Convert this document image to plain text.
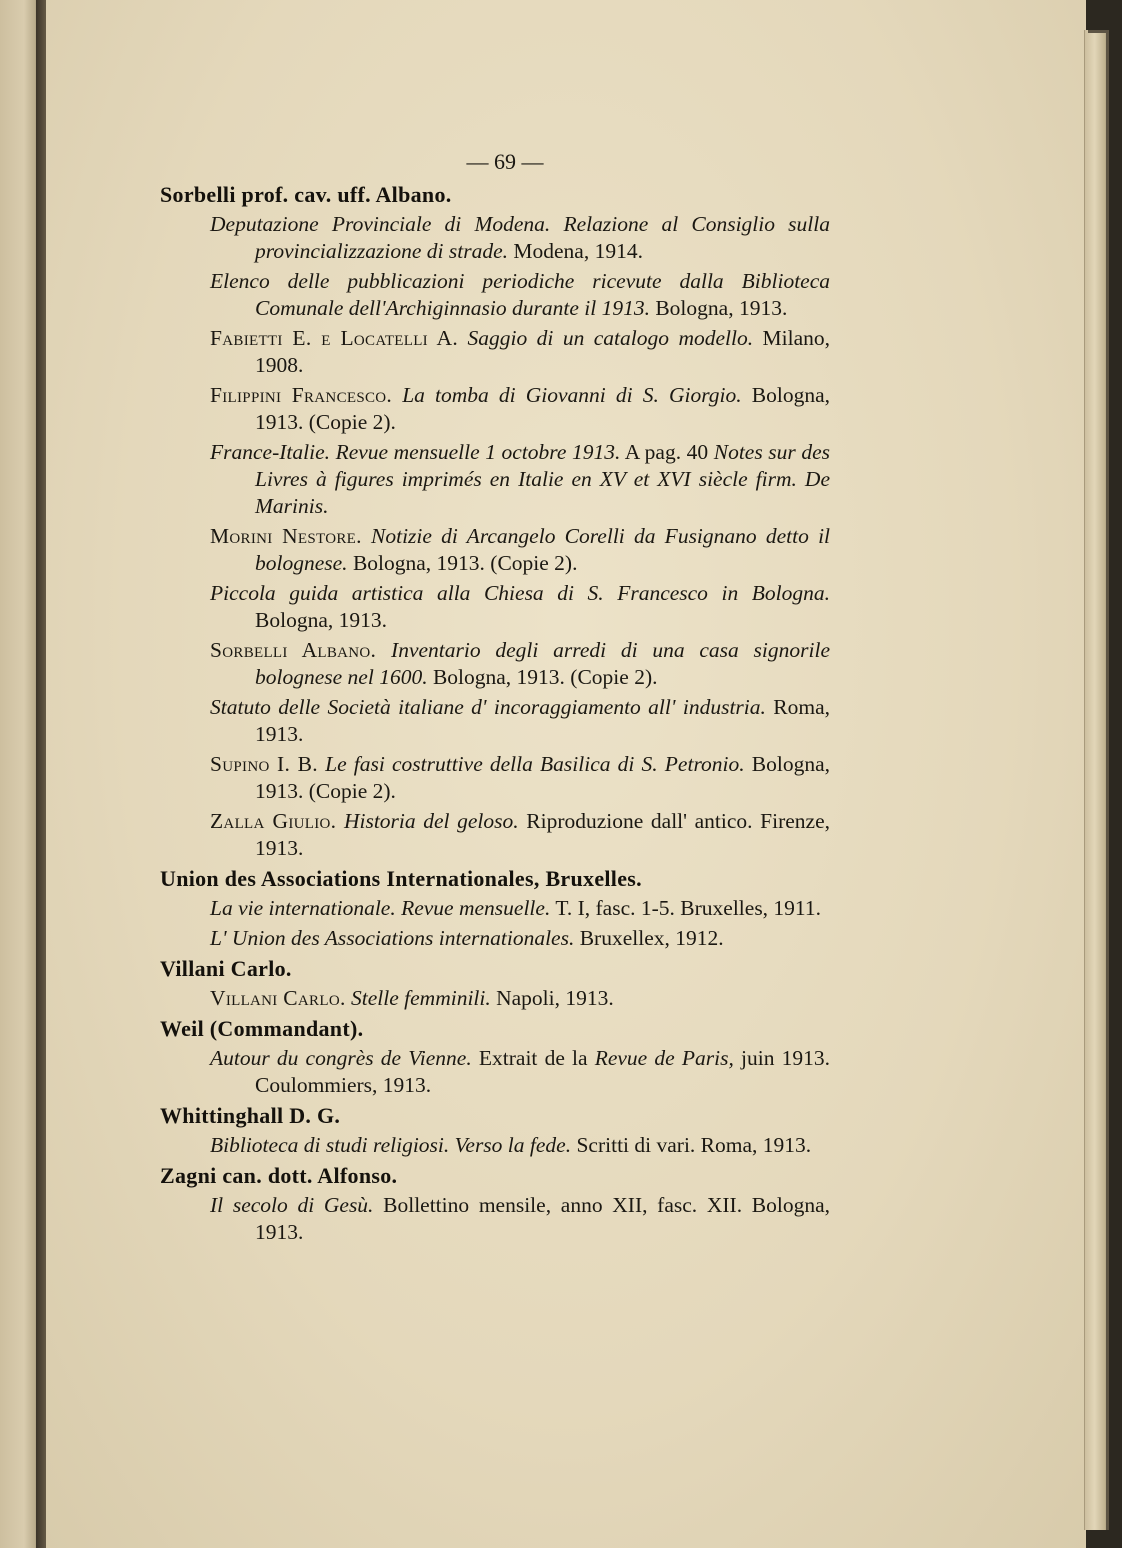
— 69 —
Sorbelli prof. cav. uff. Albano.
Deputazione Provinciale di Modena. Relazione al Consiglio sulla provincializzazione di strade. Modena, 1914.
Elenco delle pubblicazioni periodiche ricevute dalla Biblioteca Comunale dell'Archiginnasio durante il 1913. Bologna, 1913.
Fabietti E. e Locatelli A. Saggio di un catalogo modello. Milano, 1908.
Filippini Francesco. La tomba di Giovanni di S. Giorgio. Bologna, 1913. (Copie 2).
France-Italie. Revue mensuelle 1 octobre 1913. A pag. 40 Notes sur des Livres à figures imprimés en Italie en XV et XVI siècle firm. De Marinis.
Morini Nestore. Notizie di Arcangelo Corelli da Fusignano detto il bolognese. Bologna, 1913. (Copie 2).
Piccola guida artistica alla Chiesa di S. Francesco in Bologna. Bologna, 1913.
Sorbelli Albano. Inventario degli arredi di una casa signorile bolognese nel 1600. Bologna, 1913. (Copie 2).
Statuto delle Società italiane d' incoraggiamento all' industria. Roma, 1913.
Supino I. B. Le fasi costruttive della Basilica di S. Petronio. Bologna, 1913. (Copie 2).
Zalla Giulio. Historia del geloso. Riproduzione dall' antico. Firenze, 1913.
Union des Associations Internationales, Bruxelles.
La vie internationale. Revue mensuelle. T. I, fasc. 1-5. Bruxelles, 1911.
L' Union des Associations internationales. Bruxellex, 1912.
Villani Carlo.
Villani Carlo. Stelle femminili. Napoli, 1913.
Weil (Commandant).
Autour du congrès de Vienne. Extrait de la Revue de Paris, juin 1913. Coulommiers, 1913.
Whittinghall D. G.
Biblioteca di studi religiosi. Verso la fede. Scritti di vari. Roma, 1913.
Zagni can. dott. Alfonso.
Il secolo di Gesù. Bollettino mensile, anno XII, fasc. XII. Bologna, 1913.
